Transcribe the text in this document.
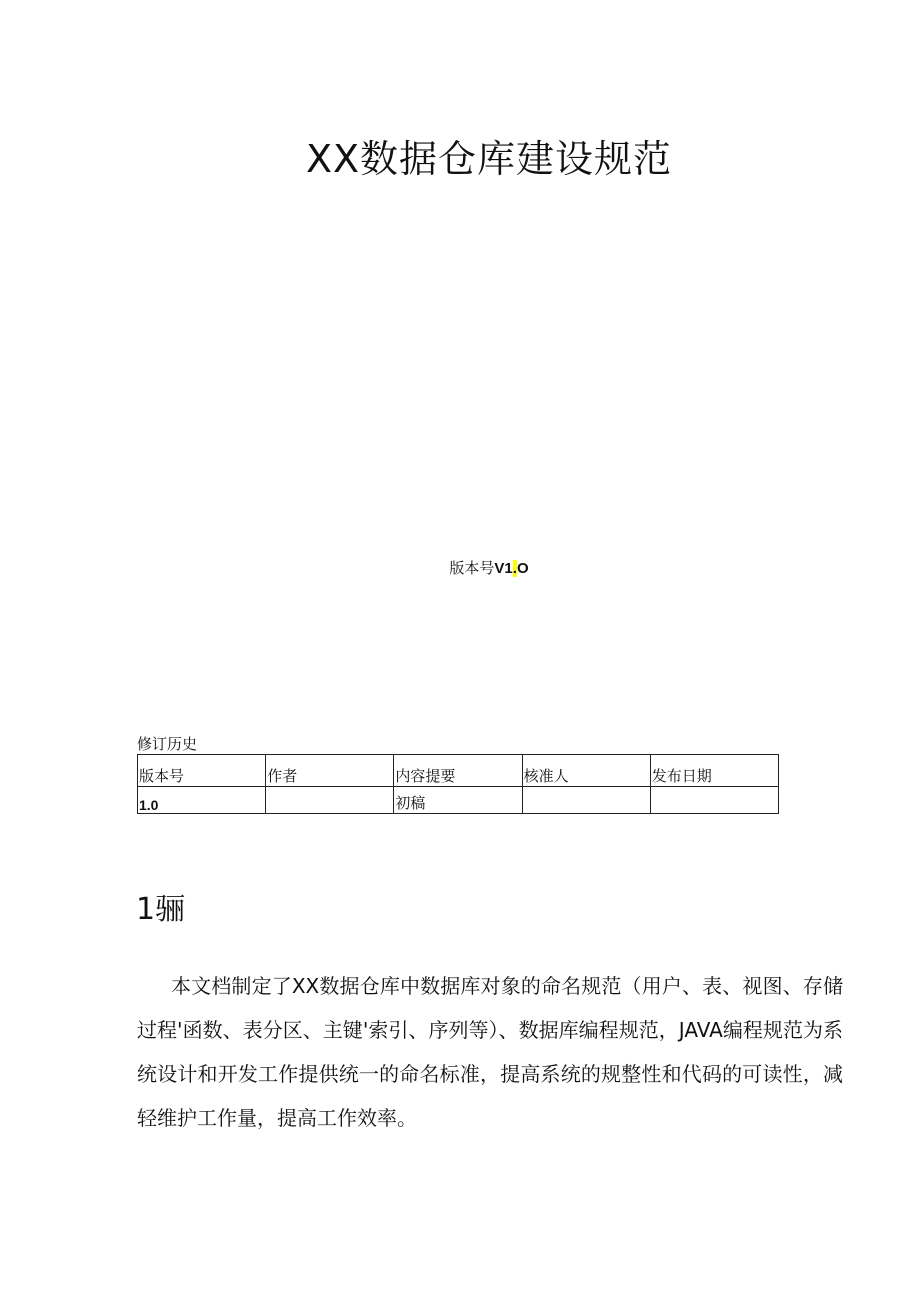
XX数据仓库建设规范
版本号V1.O
修订历史
版本号	作者	内容提要	核准人	发布日期
1.0		初稿		
1骊

本文档制定了XX数据仓库中数据库对象的命名规范（用户、表、视图、存储过程'函数、表分区、主键'索引、序列等）、数据库编程规范，JAVA编程规范为系统设计和开发工作提供统一的命名标准，提高系统的规整性和代码的可读性，减轻维护工作量，提高工作效率。
